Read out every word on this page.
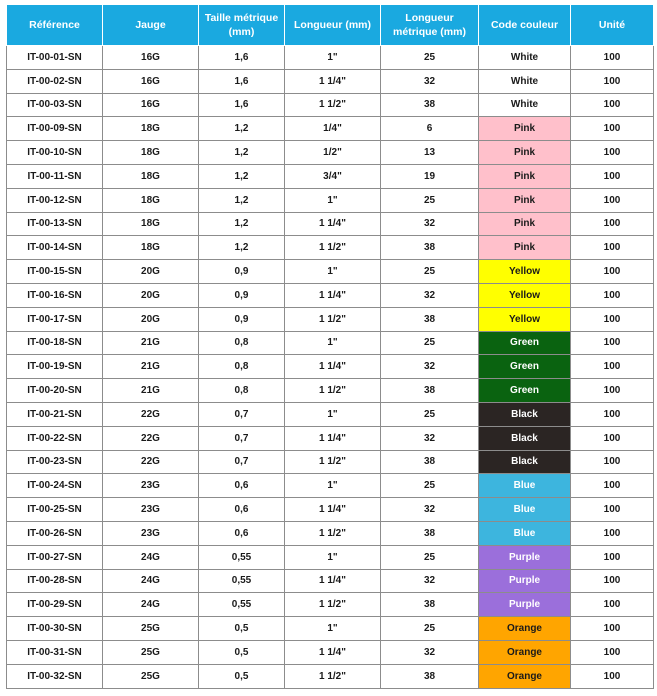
Référence	Jauge	Taille métrique (mm)	Longueur (mm)	Longueur métrique (mm)	Code couleur	Unité
IT-00-01-SN	16G	1,6	1"	25	White	100
IT-00-02-SN	16G	1,6	1 1/4"	32	White	100
IT-00-03-SN	16G	1,6	1 1/2"	38	White	100
IT-00-09-SN	18G	1,2	1/4"	6	Pink	100
IT-00-10-SN	18G	1,2	1/2"	13	Pink	100
IT-00-11-SN	18G	1,2	3/4"	19	Pink	100
IT-00-12-SN	18G	1,2	1"	25	Pink	100
IT-00-13-SN	18G	1,2	1 1/4"	32	Pink	100
IT-00-14-SN	18G	1,2	1 1/2"	38	Pink	100
IT-00-15-SN	20G	0,9	1"	25	Yellow	100
IT-00-16-SN	20G	0,9	1 1/4"	32	Yellow	100
IT-00-17-SN	20G	0,9	1 1/2"	38	Yellow	100
IT-00-18-SN	21G	0,8	1"	25	Green	100
IT-00-19-SN	21G	0,8	1 1/4"	32	Green	100
IT-00-20-SN	21G	0,8	1 1/2"	38	Green	100
IT-00-21-SN	22G	0,7	1"	25	Black	100
IT-00-22-SN	22G	0,7	1 1/4"	32	Black	100
IT-00-23-SN	22G	0,7	1 1/2"	38	Black	100
IT-00-24-SN	23G	0,6	1"	25	Blue	100
IT-00-25-SN	23G	0,6	1 1/4"	32	Blue	100
IT-00-26-SN	23G	0,6	1 1/2"	38	Blue	100
IT-00-27-SN	24G	0,55	1"	25	Purple	100
IT-00-28-SN	24G	0,55	1 1/4"	32	Purple	100
IT-00-29-SN	24G	0,55	1 1/2"	38	Purple	100
IT-00-30-SN	25G	0,5	1"	25	Orange	100
IT-00-31-SN	25G	0,5	1 1/4"	32	Orange	100
IT-00-32-SN	25G	0,5	1 1/2"	38	Orange	100
